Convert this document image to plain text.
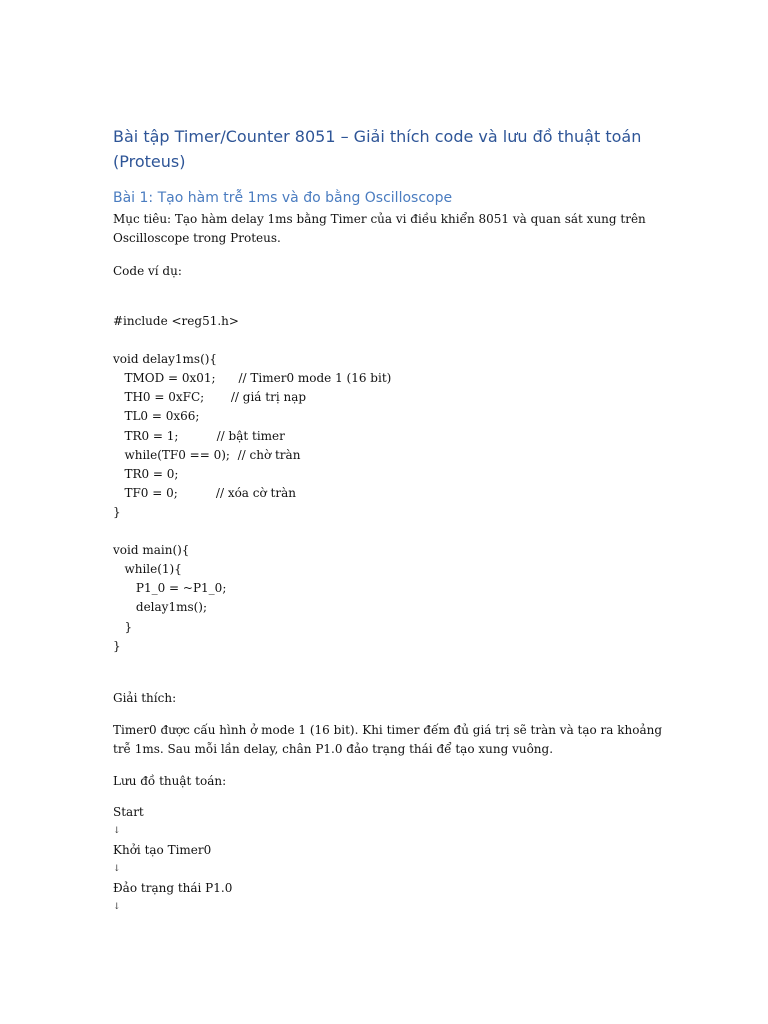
Bài tập Timer/Counter 8051 – Giải thích code và lưu đồ thuật toán (Proteus)
Bài 1: Tạo hàm trễ 1ms và đo bằng Oscilloscope

Mục tiêu: Tạo hàm delay 1ms bằng Timer của vi điều khiển 8051 và quan sát xung trên Oscilloscope trong Proteus.

Code ví dụ:

#include <reg51.h>
void delay1ms(){
TMOD = 0x01;      // Timer0 mode 1 (16 bit)
TH0 = 0xFC;       // giá trị nạp
TL0 = 0x66;
TR0 = 1;          // bật timer
while(TF0 == 0);  // chờ tràn
TR0 = 0;
TF0 = 0;          // xóa cờ tràn
}
void main(){
while(1){
P1_0 = ~P1_0;
delay1ms();
}
}

Giải thích:

Timer0 được cấu hình ở mode 1 (16 bit). Khi timer đếm đủ giá trị sẽ tràn và tạo ra khoảng trễ 1ms. Sau mỗi lần delay, chân P1.0 đảo trạng thái để tạo xung vuông.

Lưu đồ thuật toán:

Start
↓
Khởi tạo Timer0
↓
Đảo trạng thái P1.0
↓
